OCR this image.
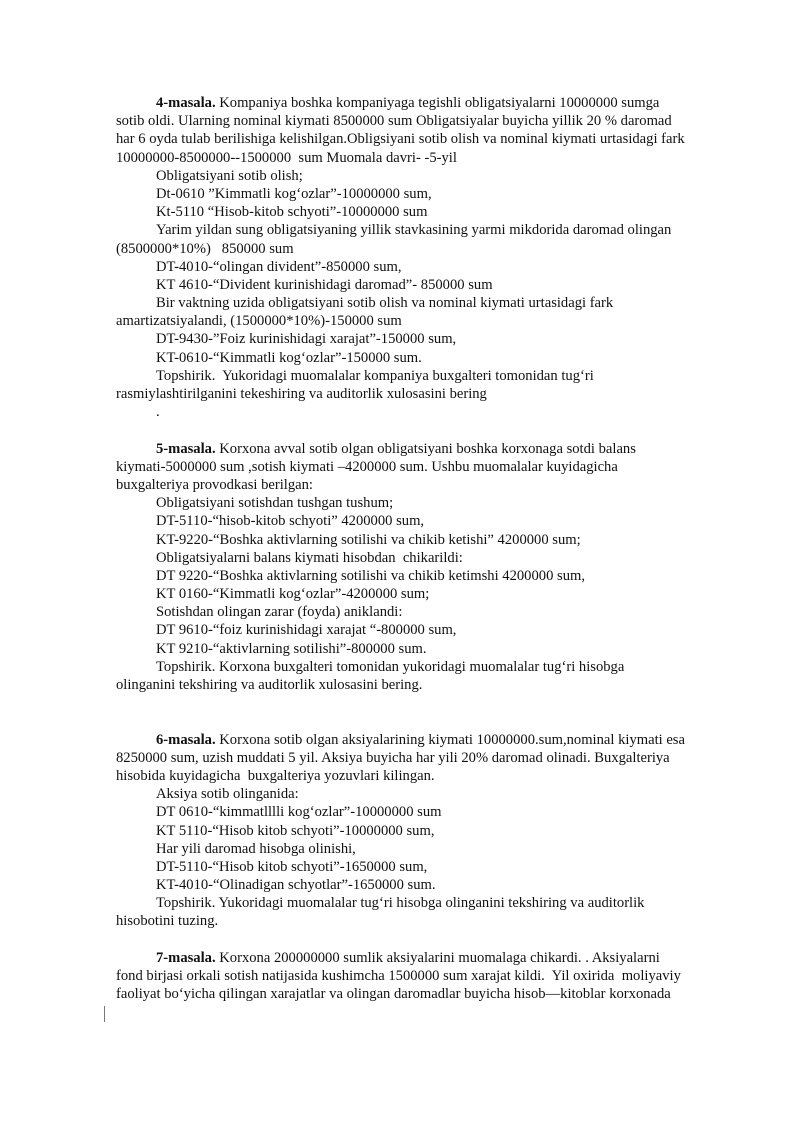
4-masala. Kompaniya boshka kompaniyaga tegishli obligatsiyalarni 10000000 sumga
sotib oldi. Ularning nominal kiymati 8500000 sum Obligatsiyalar buyicha yillik 20 % daromad
har 6 oyda tulab berilishiga kelishilgan.Obligsiyani sotib olish va nominal kiymati urtasidagi fark
10000000-8500000--1500000  sum Muomala davri- -5-yil
Obligatsiyani sotib olish;
Dt-0610 ”Kimmatli kog‘ozlar”-10000000 sum,
Kt-5110 “Hisob-kitob schyoti”-10000000 sum
Yarim yildan sung obligatsiyaning yillik stavkasining yarmi mikdorida daromad olingan
(8500000*10%)   850000 sum
DT-4010-“olingan divident”-850000 sum,
KT 4610-“Divident kurinishidagi daromad”- 850000 sum
Bir vaktning uzida obligatsiyani sotib olish va nominal kiymati urtasidagi fark
amartizatsiyalandi, (1500000*10%)-150000 sum
DT-9430-”Foiz kurinishidagi xarajat”-150000 sum,
KT-0610-“Kimmatli kog‘ozlar”-150000 sum.
Topshirik.  Yukoridagi muomalalar kompaniya buxgalteri tomonidan tug‘ri
rasmiylashtirilganini tekeshiring va auditorlik xulosasini bering
.
5-masala. Korxona avval sotib olgan obligatsiyani boshka korxonaga sotdi balans
kiymati-5000000 sum ,sotish kiymati –4200000 sum. Ushbu muomalalar kuyidagicha
buxgalteriya provodkasi berilgan:
Obligatsiyani sotishdan tushgan tushum;
DT-5110-“hisob-kitob schyoti” 4200000 sum,
KT-9220-“Boshka aktivlarning sotilishi va chikib ketishi” 4200000 sum;
Obligatsiyalarni balans kiymati hisobdan  chikarildi:
DT 9220-“Boshka aktivlarning sotilishi va chikib ketimshi 4200000 sum,
KT 0160-“Kimmatli kog‘ozlar”-4200000 sum;
Sotishdan olingan zarar (foyda) aniklandi:
DT 9610-“foiz kurinishidagi xarajat “-800000 sum,
KT 9210-“aktivlarning sotilishi”-800000 sum.
Topshirik. Korxona buxgalteri tomonidan yukoridagi muomalalar tug‘ri hisobga
olinganini tekshiring va auditorlik xulosasini bering.
6-masala. Korxona sotib olgan aksiyalarining kiymati 10000000.sum,nominal kiymati esa
8250000 sum, uzish muddati 5 yil. Aksiya buyicha har yili 20% daromad olinadi. Buxgalteriya
hisobida kuyidagicha  buxgalteriya yozuvlari kilingan.
Aksiya sotib olinganida:
DT 0610-“kimmatlllli kog‘ozlar”-10000000 sum
KT 5110-“Hisob kitob schyoti”-10000000 sum,
Har yili daromad hisobga olinishi,
DT-5110-“Hisob kitob schyoti”-1650000 sum,
KT-4010-“Olinadigan schyotlar”-1650000 sum.
Topshirik. Yukoridagi muomalalar tug‘ri hisobga olinganini tekshiring va auditorlik
hisobotini tuzing.
7-masala. Korxona 200000000 sumlik aksiyalarini muomalaga chikardi. . Aksiyalarni
fond birjasi orkali sotish natijasida kushimcha 1500000 sum xarajat kildi.  Yil oxirida  moliyaviy
faoliyat bo‘yicha qilingan xarajatlar va olingan daromadlar buyicha hisob—kitoblar korxonada
